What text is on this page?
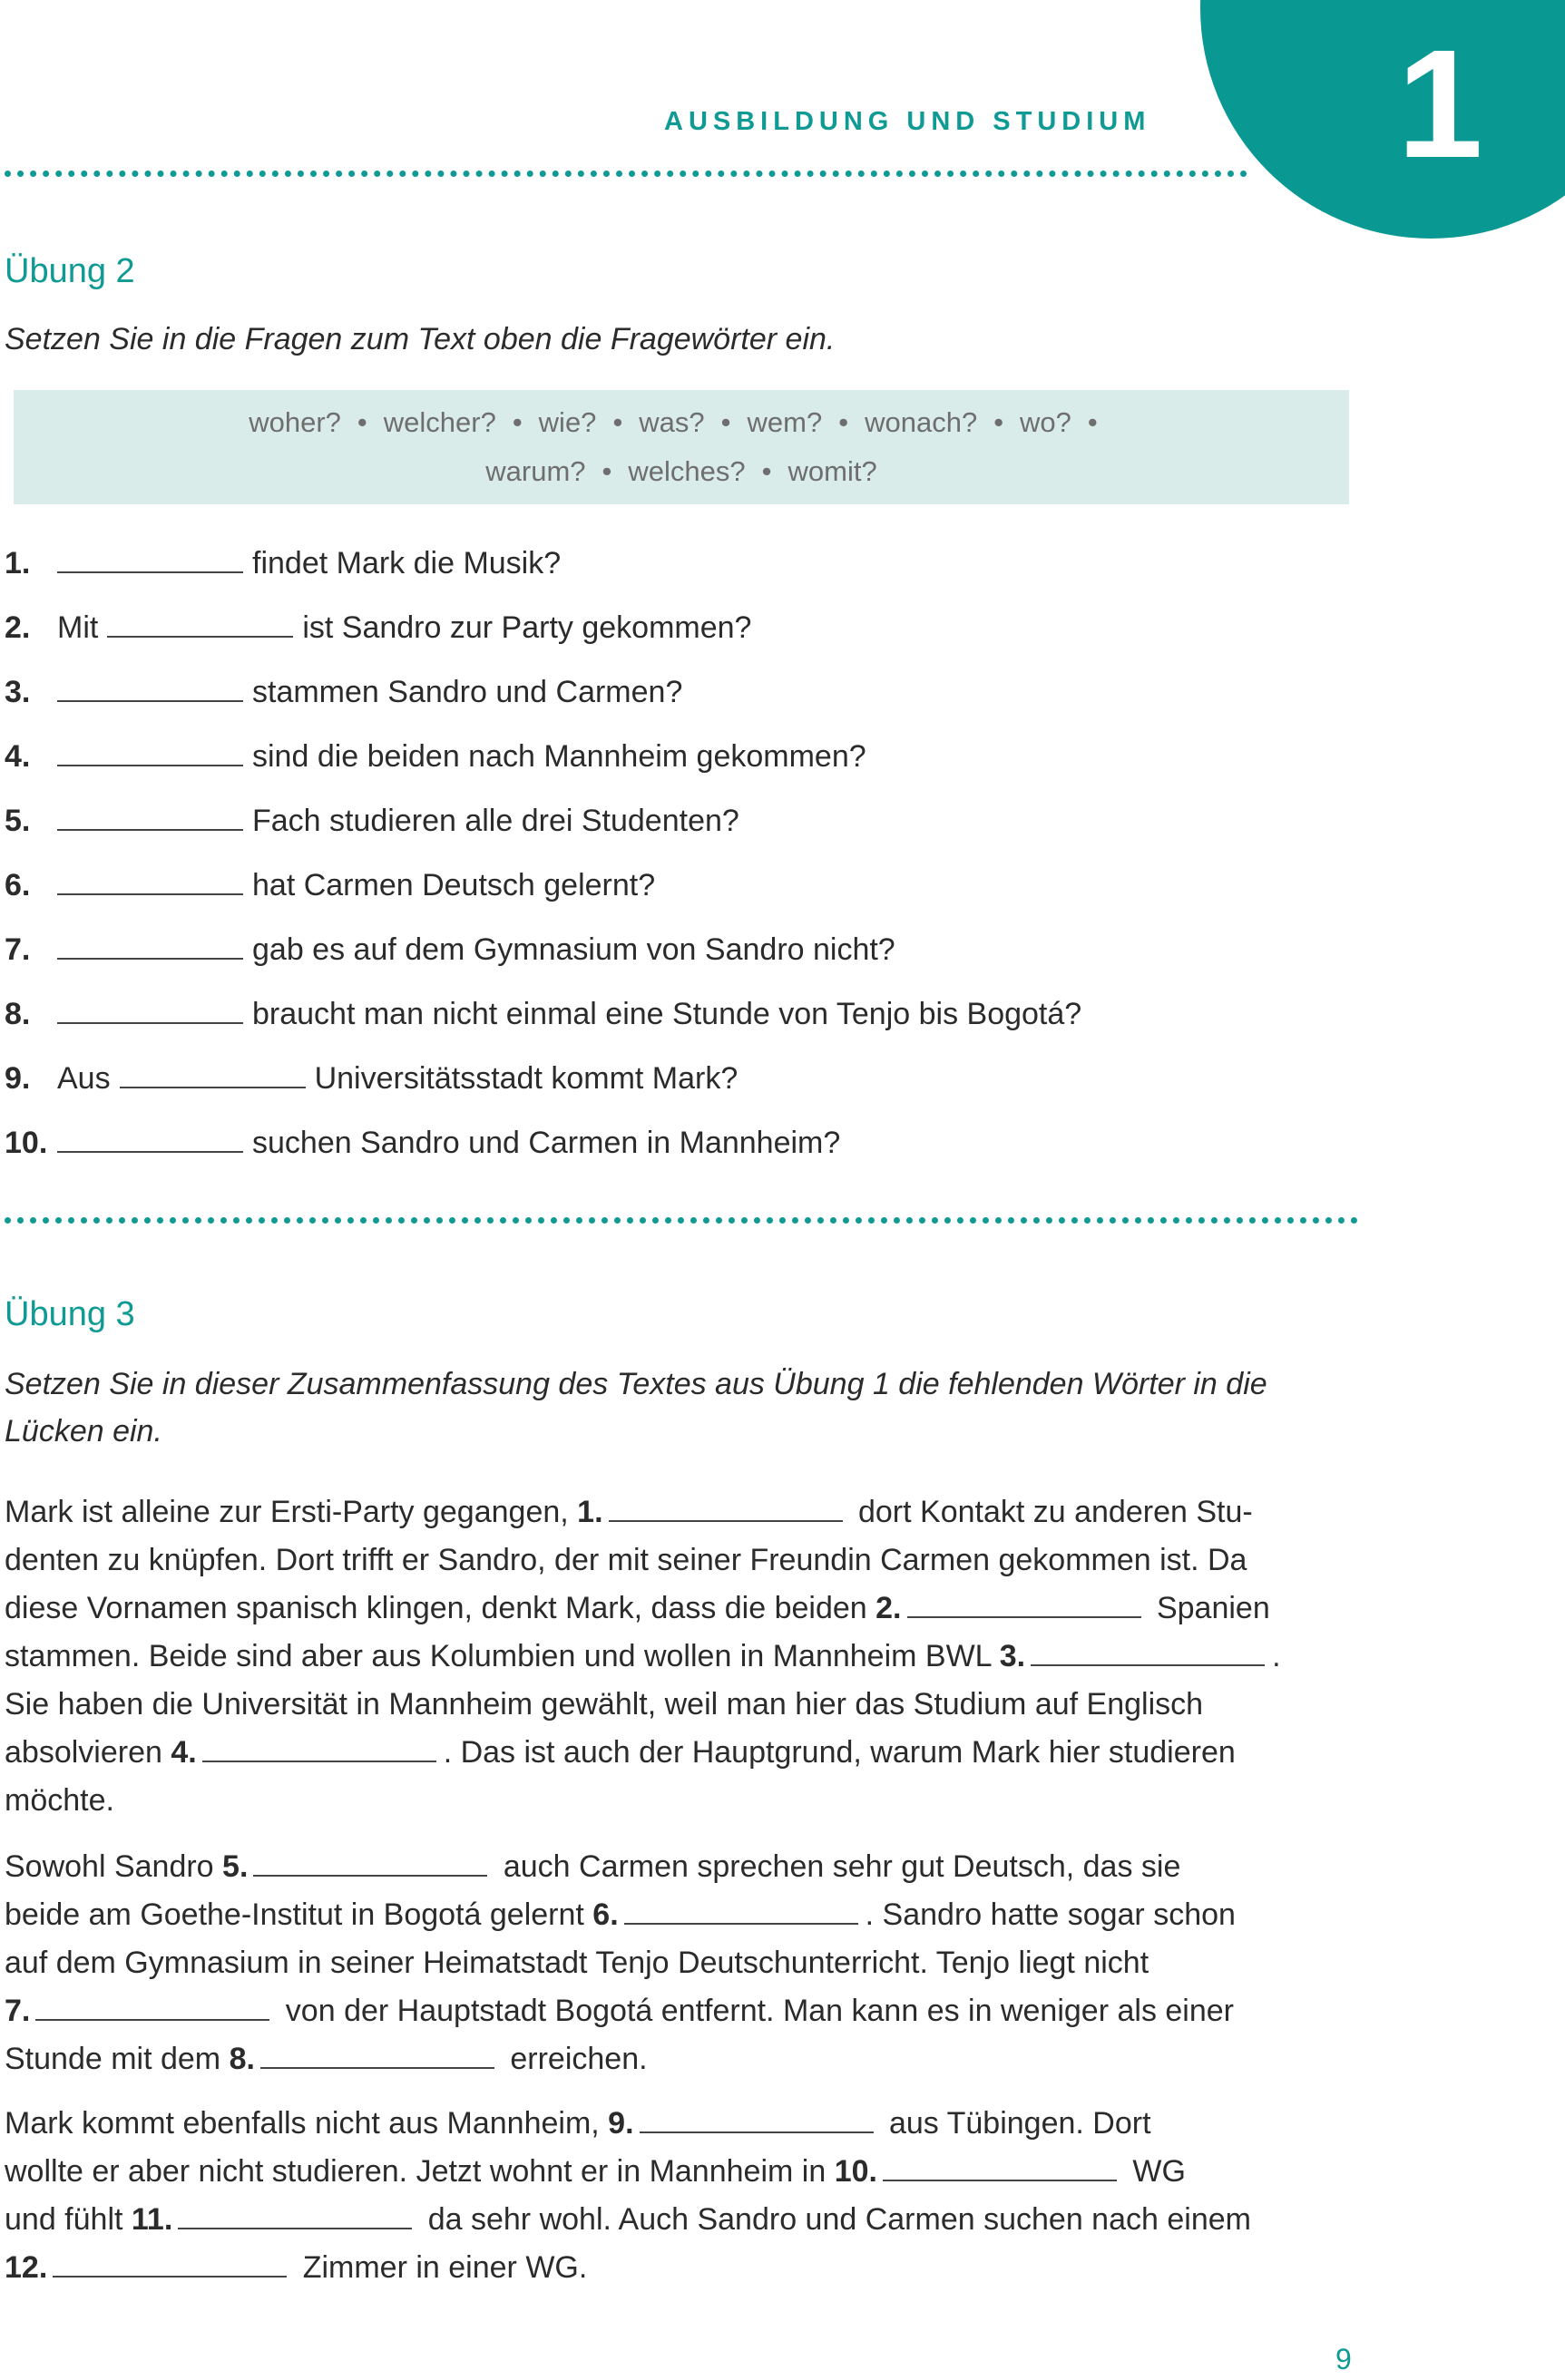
1
AUSBILDUNG UND STUDIUM
Übung 2
Setzen Sie in die Fragen zum Text oben die Fragewörter ein.
woher? • welcher? • wie? • was? • wem? • wonach? • wo? •
warum? • welches? • womit?
1.	findet Mark die Musik?
2. Mit	ist Sandro zur Party gekommen?
3.	stammen Sandro und Carmen?
4.	sind die beiden nach Mannheim gekommen?
5.	Fach studieren alle drei Studenten?
6.	hat Carmen Deutsch gelernt?
7.	gab es auf dem Gymnasium von Sandro nicht?
8.	braucht man nicht einmal eine Stunde von Tenjo bis Bogotá?
9. Aus	Universitätsstadt kommt Mark?
10.	suchen Sandro und Carmen in Mannheim?
Übung 3
Setzen Sie in dieser Zusammenfassung des Textes aus Übung 1 die fehlenden Wörter in die
Lücken ein.
Mark ist alleine zur Ersti-Party gegangen, 1.	dort Kontakt zu anderen Stu-
denten zu knüpfen. Dort trifft er Sandro, der mit seiner Freundin Carmen gekommen ist. Da
diese Vornamen spanisch klingen, denkt Mark, dass die beiden 2.	Spanien
stammen. Beide sind aber aus Kolumbien und wollen in Mannheim BWL 3.	.
Sie haben die Universität in Mannheim gewählt, weil man hier das Studium auf Englisch
absolvieren 4.	. Das ist auch der Hauptgrund, warum Mark hier studieren
möchte.
Sowohl Sandro 5.	auch Carmen sprechen sehr gut Deutsch, das sie
beide am Goethe-Institut in Bogotá gelernt 6.	. Sandro hatte sogar schon
auf dem Gymnasium in seiner Heimatstadt Tenjo Deutschunterricht. Tenjo liegt nicht
7.	von der Hauptstadt Bogotá entfernt. Man kann es in weniger als einer
Stunde mit dem 8.	erreichen.
Mark kommt ebenfalls nicht aus Mannheim, 9.	aus Tübingen. Dort
wollte er aber nicht studieren. Jetzt wohnt er in Mannheim in 10.	WG
und fühlt 11.	da sehr wohl. Auch Sandro und Carmen suchen nach einem
12.	Zimmer in einer WG.
9
